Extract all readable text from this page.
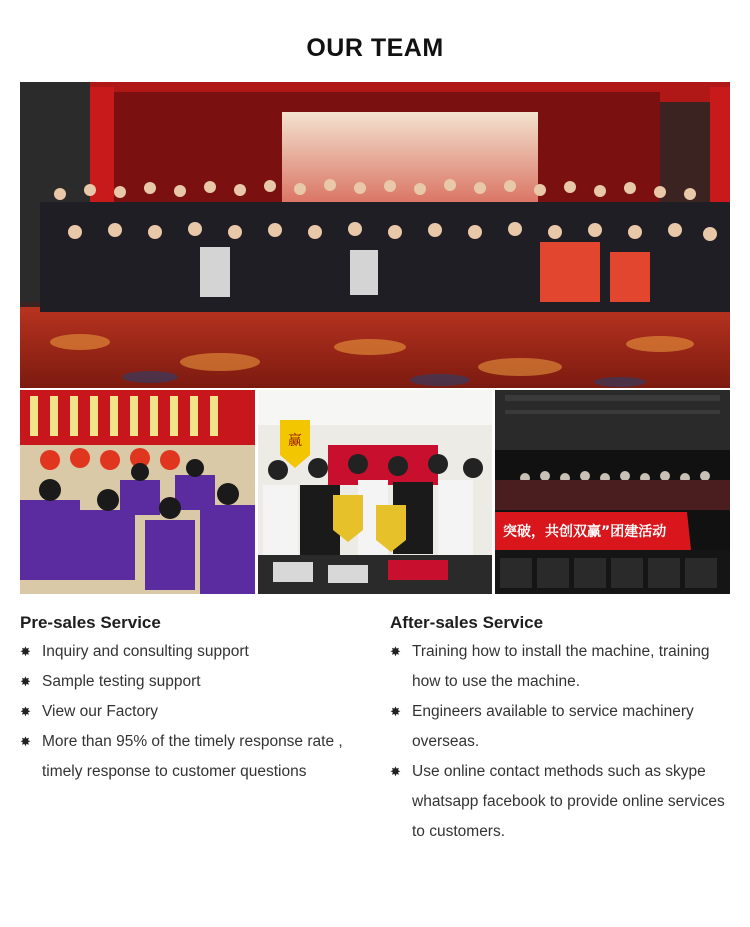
OUR TEAM
赢
突破，共创双赢”团建活动
Pre-sales Service
✸ Inquiry and consulting support
✸ Sample testing support
✸ View our Factory
✸ More than 95% of the timely response rate , timely response to customer questions
After-sales Service
✸ Training how to install the machine, training how to use the machine.
✸ Engineers available to service machinery overseas.
✸ Use online contact methods such as skype whatsapp facebook to provide online services to customers.
